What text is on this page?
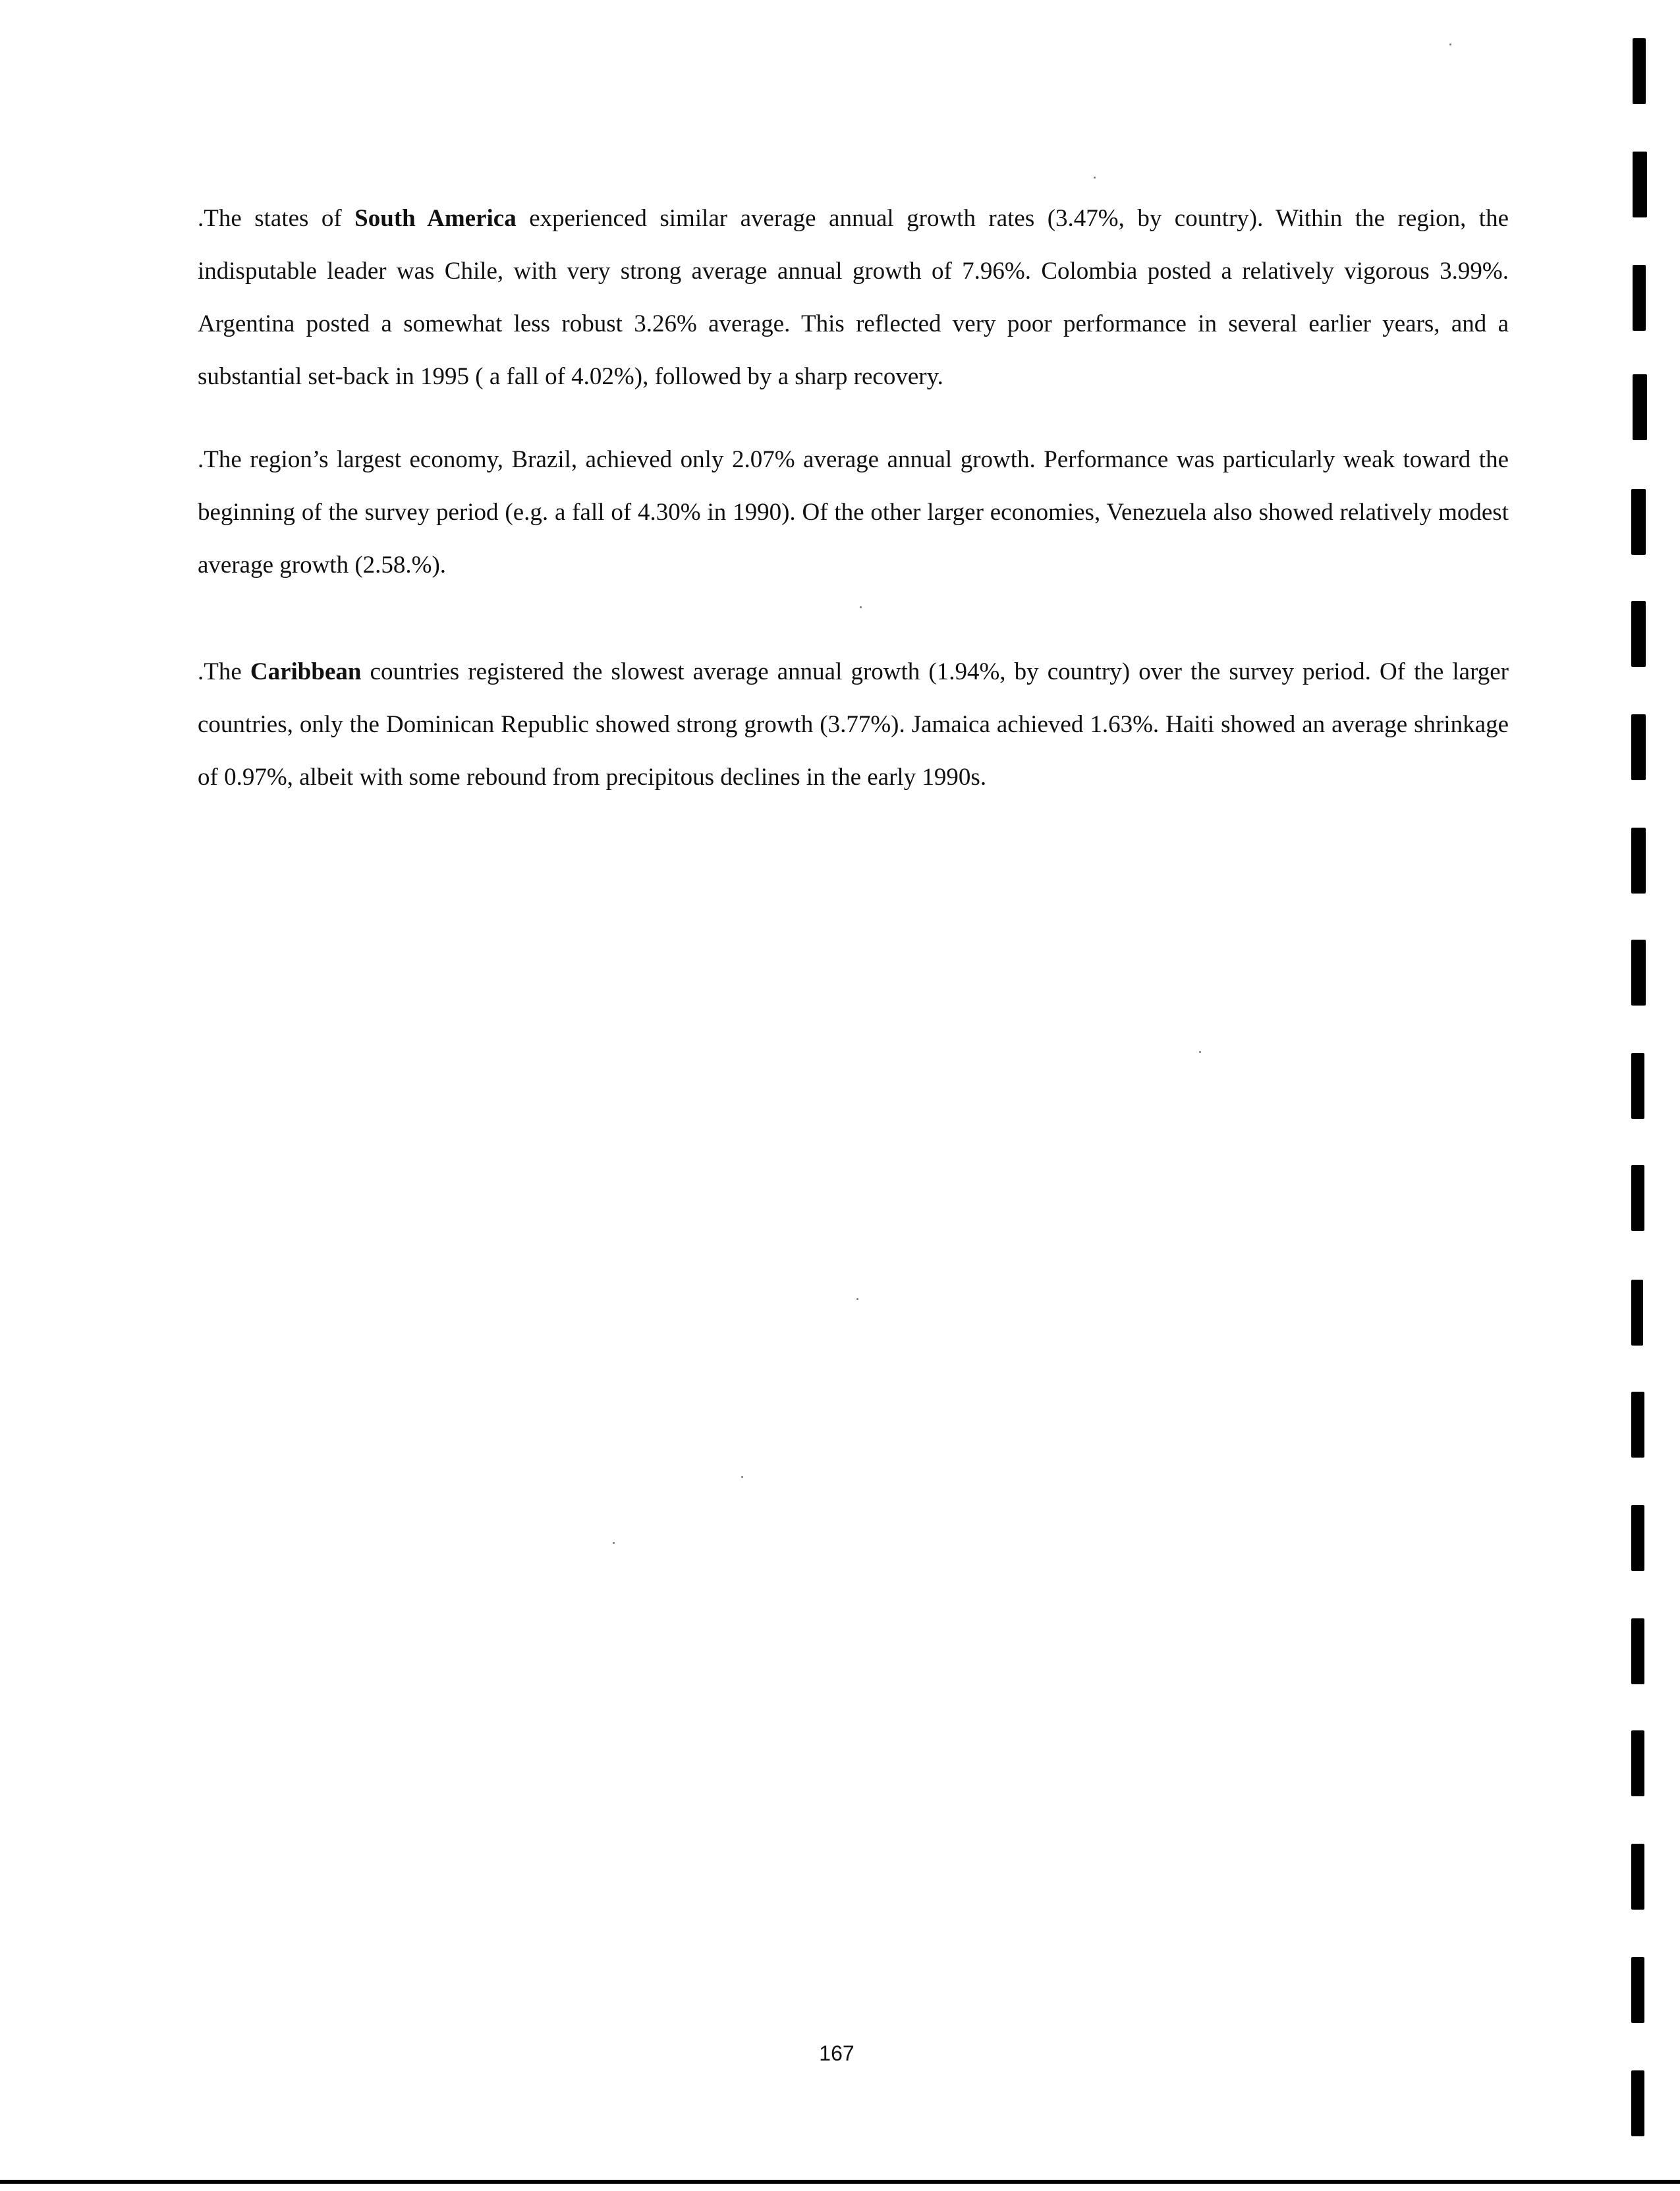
.The states of South America experienced similar average annual growth rates (3.47%, by country). Within the region, the indisputable leader was Chile, with very strong average annual growth of 7.96%. Colombia posted a relatively vigorous 3.99%. Argentina posted a somewhat less robust 3.26% average. This reflected very poor performance in several earlier years, and a substantial set-back in 1995 ( a fall of 4.02%), followed by a sharp recovery.

.The region’s largest economy, Brazil, achieved only 2.07% average annual growth. Performance was particularly weak toward the beginning of the survey period (e.g. a fall of 4.30% in 1990). Of the other larger economies, Venezuela also showed relatively modest average growth (2.58.%).

.The Caribbean countries registered the slowest average annual growth (1.94%, by country) over the survey period. Of the larger countries, only the Dominican Republic showed strong growth (3.77%). Jamaica achieved 1.63%. Haiti showed an average shrinkage of 0.97%, albeit with some rebound from precipitous declines in the early 1990s.

167
